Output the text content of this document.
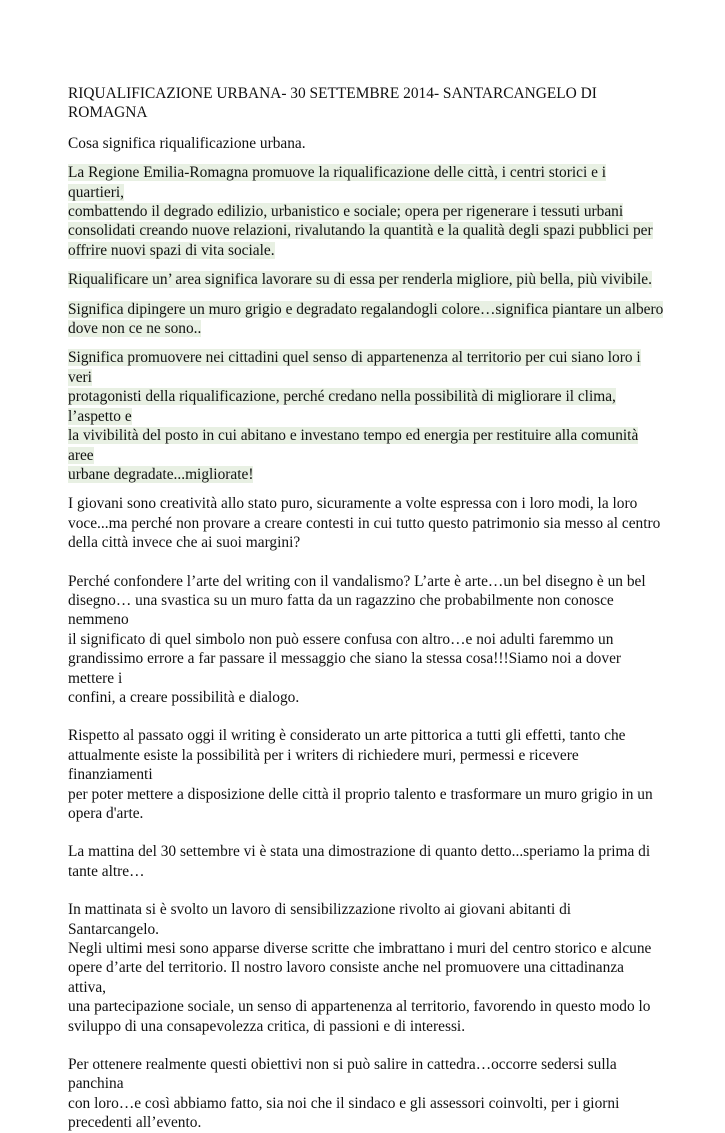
RIQUALIFICAZIONE URBANA- 30 SETTEMBRE 2014- SANTARCANGELO DI ROMAGNA

Cosa significa riqualificazione urbana.

La Regione Emilia-Romagna promuove la riqualificazione delle città, i centri storici e i quartieri,
combattendo il degrado edilizio, urbanistico e sociale; opera per rigenerare i tessuti urbani
consolidati creando nuove relazioni, rivalutando la quantità e la qualità degli spazi pubblici per
offrire nuovi spazi di vita sociale.

Riqualificare un’ area significa lavorare su di essa per renderla migliore, più bella, più vivibile.

Significa dipingere un muro grigio e degradato regalandogli colore…significa piantare un albero
dove non ce ne sono..

Significa promuovere nei cittadini quel senso di appartenenza al territorio per cui siano loro i veri
protagonisti della riqualificazione, perché credano nella possibilità di migliorare il clima, l’aspetto e
la vivibilità del posto in cui abitano e investano tempo ed energia per restituire alla comunità aree
urbane degradate...migliorate!

I giovani sono creatività allo stato puro, sicuramente a volte espressa con i loro modi, la loro
voce...ma perché non provare a creare contesti in cui tutto questo patrimonio sia messo al centro
della città invece che ai suoi margini?

Perché confondere l’arte del writing con il vandalismo? L’arte è arte…un bel disegno è un bel
disegno… una svastica su un muro fatta da un ragazzino che probabilmente non conosce nemmeno
il significato di quel simbolo non può essere confusa con altro…e noi adulti faremmo un
grandissimo errore a far passare il messaggio che siano la stessa cosa!!!Siamo noi a dover mettere i
confini, a creare possibilità e dialogo.

Rispetto al passato oggi il writing è considerato un arte pittorica a tutti gli effetti, tanto che
attualmente esiste la possibilità per i writers di richiedere muri, permessi e ricevere finanziamenti
per poter mettere a disposizione delle città il proprio talento e trasformare un muro grigio in un
opera d'arte.

La mattina del 30 settembre vi è stata una dimostrazione di quanto detto...speriamo la prima di
tante altre…

In mattinata si è svolto un lavoro di sensibilizzazione rivolto ai giovani abitanti di Santarcangelo.
Negli ultimi mesi sono apparse diverse scritte che imbrattano i muri del centro storico e alcune
opere d’arte del territorio. Il nostro lavoro consiste anche nel promuovere una cittadinanza attiva,
una partecipazione sociale, un senso di appartenenza al territorio, favorendo in questo modo lo
sviluppo di una consapevolezza critica, di passioni e di interessi.

Per ottenere realmente questi obiettivi non si può salire in cattedra…occorre sedersi sulla panchina
con loro…e così abbiamo fatto, sia noi che il sindaco e gli assessori coinvolti, per i giorni
precedenti all’evento.
